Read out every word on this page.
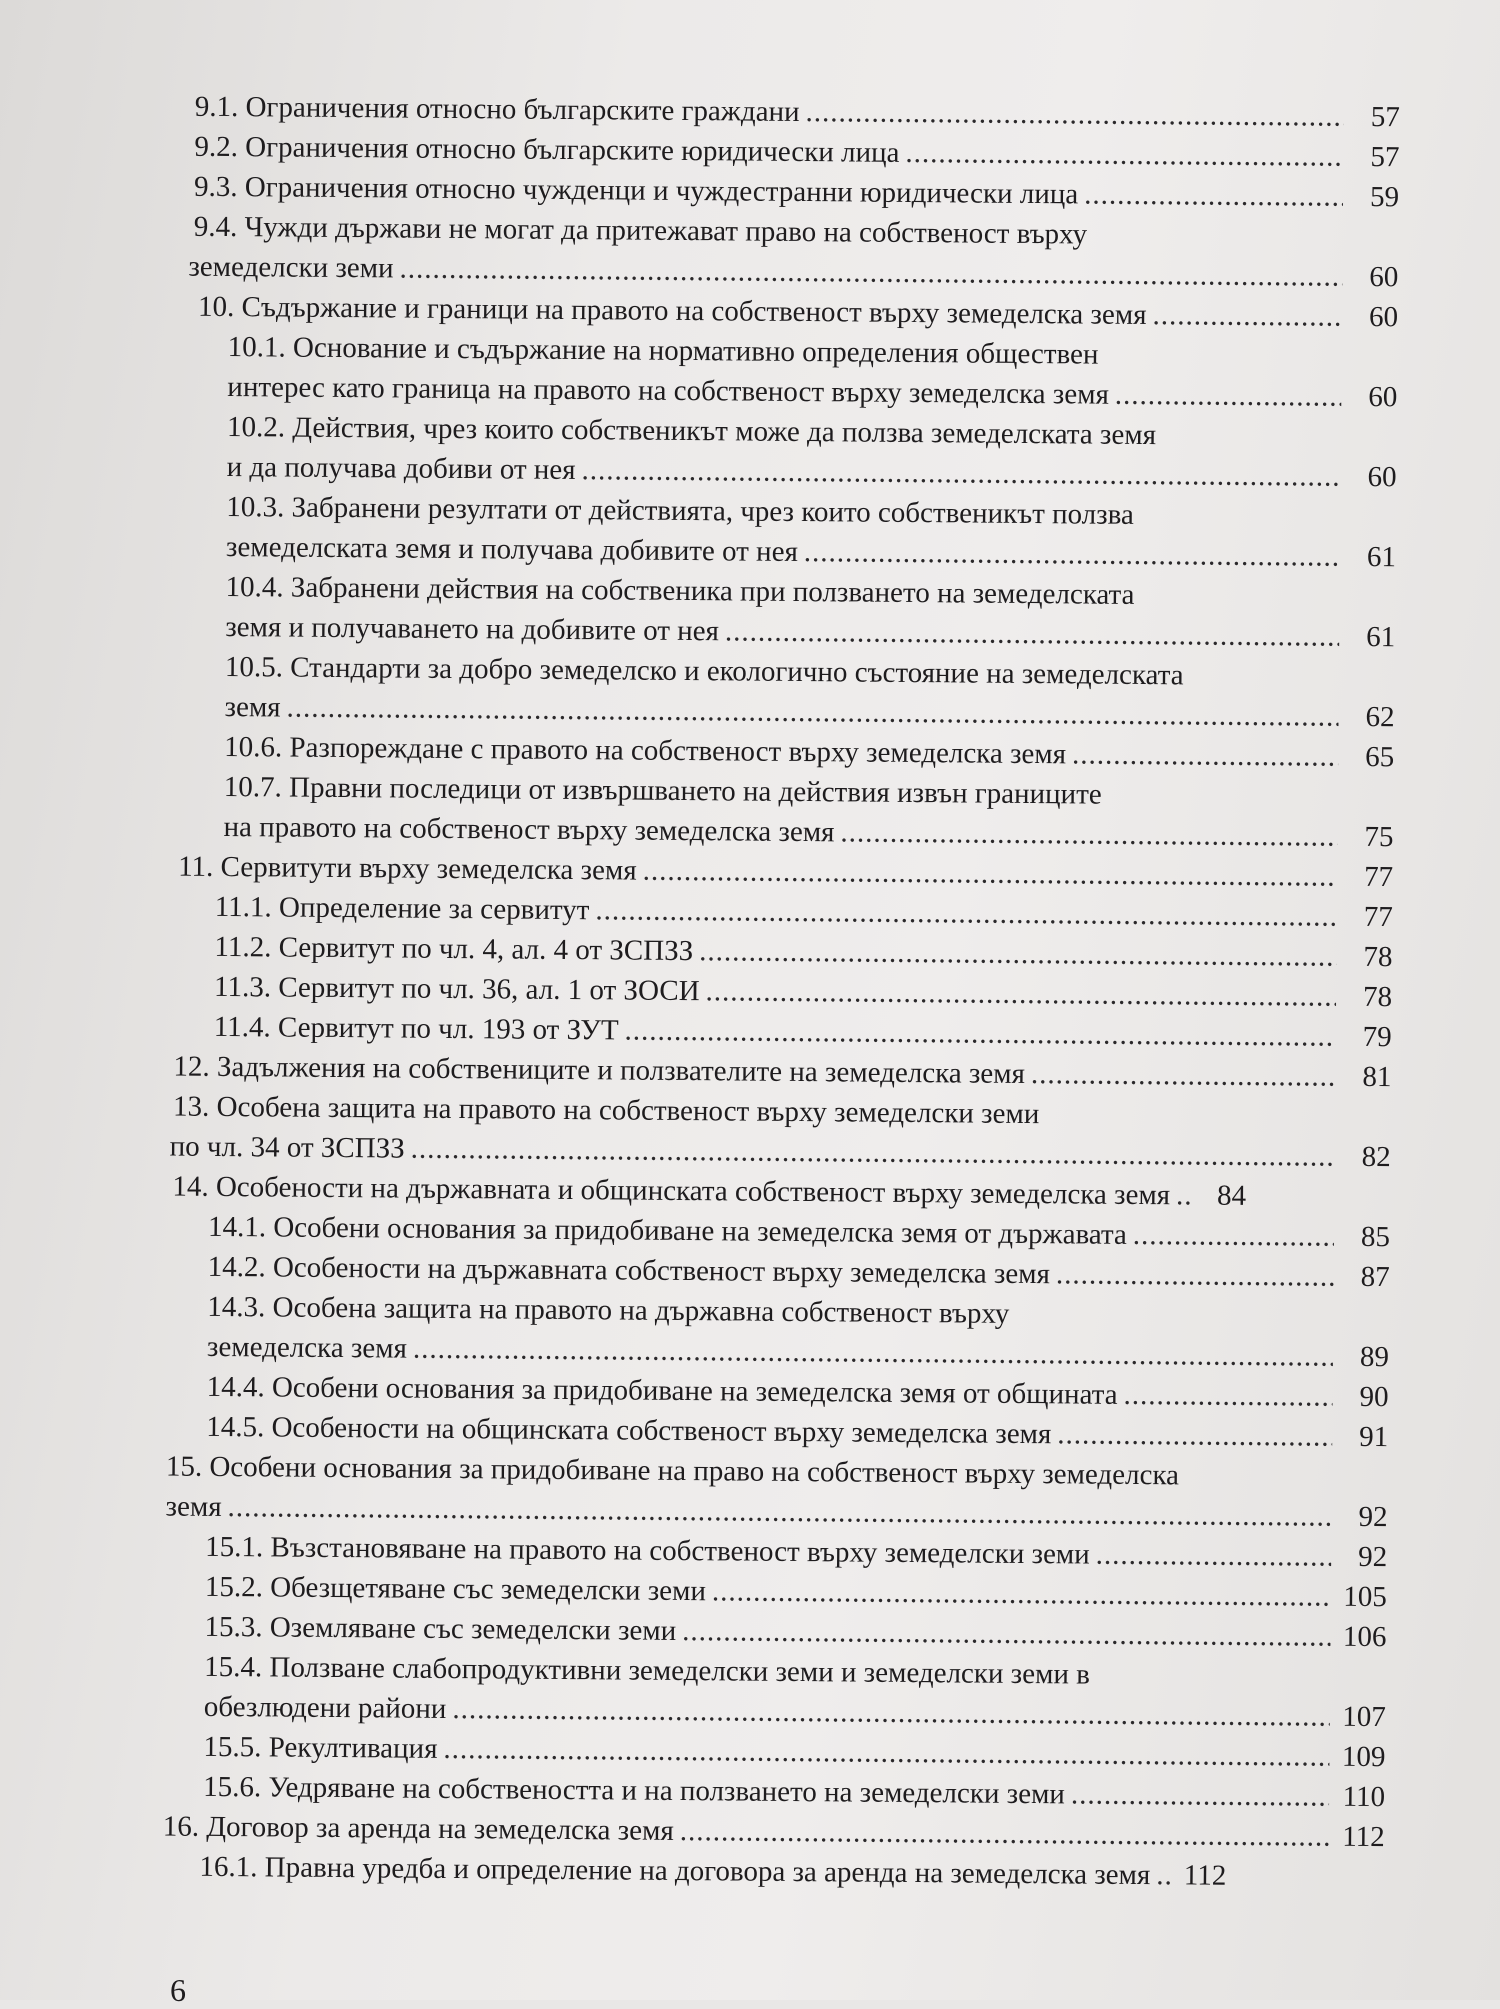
9.1. Ограничения относно българските граждани .....	57
9.2. Ограничения относно българските юридически лица .....	57
9.3. Ограничения относно чужденци и чуждестранни юридически лица .....	59
9.4. Чужди държави не могат да притежават право на собственост върху
земеделски земи .....	60
10. Съдържание и граници на правото на собственост върху земеделска земя .....	60
10.1. Основание и съдържание на нормативно определения обществен
интерес като граница на правото на собственост върху земеделска земя .....	60
10.2. Действия, чрез които собственикът може да ползва земеделската земя
и да получава добиви от нея .....	60
10.3. Забранени резултати от действията, чрез които собственикът ползва
земеделската земя и получава добивите от нея .....	61
10.4. Забранени действия на собственика при ползването на земеделската
земя и получаването на добивите от нея .....	61
10.5. Стандарти за добро земеделско и екологично състояние на земеделската
земя .....	62
10.6. Разпореждане с правото на собственост върху земеделска земя .....	65
10.7. Правни последици от извършването на действия извън границите
на правото на собственост върху земеделска земя .....	75
11. Сервитути върху земеделска земя .....	77
11.1. Определение за сервитут .....	77
11.2. Сервитут по чл. 4, ал. 4 от ЗСПЗЗ .....	78
11.3. Сервитут по чл. 36, ал. 1 от ЗОСИ .....	78
11.4. Сервитут по чл. 193 от ЗУТ .....	79
12. Задължения на собствениците и ползвателите на земеделска земя .....	81
13. Особена защита на правото на собственост върху земеделски земи
по чл. 34 от ЗСПЗЗ .....	82
14. Особености на държавната и общинската собственост върху земеделска земя .....	84
14.1. Особени основания за придобиване на земеделска земя от държавата .....	85
14.2. Особености на държавната собственост върху земеделска земя .....	87
14.3. Особена защита на правото на държавна собственост върху
земеделска земя .....	89
14.4. Особени основания за придобиване на земеделска земя от общината .....	90
14.5. Особености на общинската собственост върху земеделска земя .....	91
15. Особени основания за придобиване на право на собственост върху земеделска
земя .....	92
15.1. Възстановяване на правото на собственост върху земеделски земи .....	92
15.2. Обезщетяване със земеделски земи .....	105
15.3. Оземляване със земеделски земи .....	106
15.4. Ползване слабопродуктивни земеделски земи и земеделски земи в
обезлюдени райони .....	107
15.5. Рекултивация .....	109
15.6. Уедряване на собствеността и на ползването на земеделски земи .....	110
16. Договор за аренда на земеделска земя .....	112
16.1. Правна уредба и определение на договора за аренда на земеделска земя ..... 112
6
